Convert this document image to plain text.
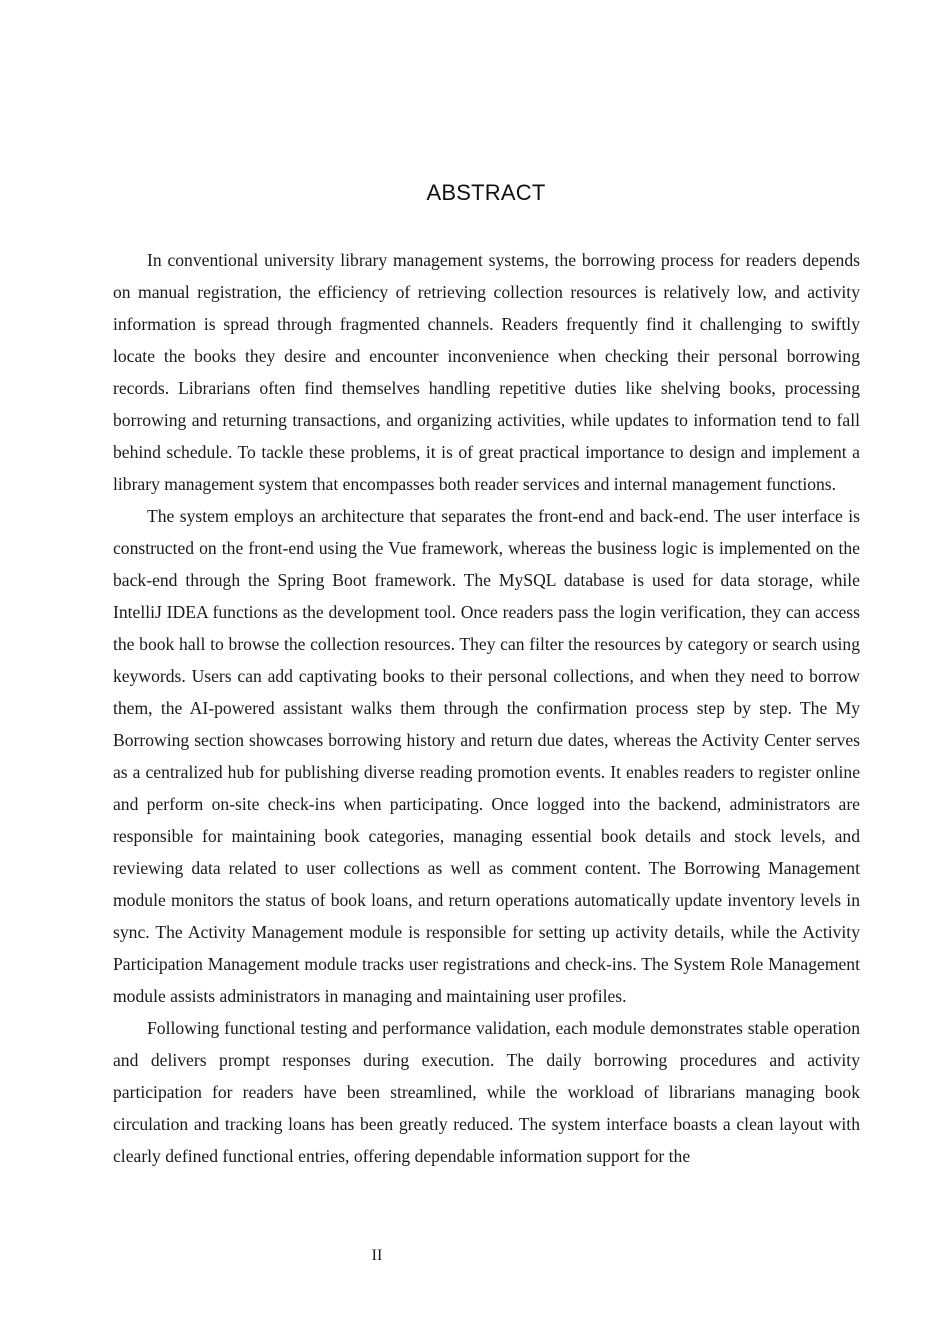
ABSTRACT

In conventional university library management systems, the borrowing process for readers depends on manual registration, the efficiency of retrieving collection resources is relatively low, and activity information is spread through fragmented channels. Readers frequently find it challenging to swiftly locate the books they desire and encounter inconvenience when checking their personal borrowing records. Librarians often find themselves handling repetitive duties like shelving books, processing borrowing and returning transactions, and organizing activities, while updates to information tend to fall behind schedule. To tackle these problems, it is of great practical importance to design and implement a library management system that encompasses both reader services and internal management functions.

The system employs an architecture that separates the front-end and back-end. The user interface is constructed on the front-end using the Vue framework, whereas the business logic is implemented on the back-end through the Spring Boot framework. The MySQL database is used for data storage, while IntelliJ IDEA functions as the development tool. Once readers pass the login verification, they can access the book hall to browse the collection resources. They can filter the resources by category or search using keywords. Users can add captivating books to their personal collections, and when they need to borrow them, the AI-powered assistant walks them through the confirmation process step by step. The My Borrowing section showcases borrowing history and return due dates, whereas the Activity Center serves as a centralized hub for publishing diverse reading promotion events. It enables readers to register online and perform on-site check-ins when participating. Once logged into the backend, administrators are responsible for maintaining book categories, managing essential book details and stock levels, and reviewing data related to user collections as well as comment content. The Borrowing Management module monitors the status of book loans, and return operations automatically update inventory levels in sync. The Activity Management module is responsible for setting up activity details, while the Activity Participation Management module tracks user registrations and check-ins. The System Role Management module assists administrators in managing and maintaining user profiles.

Following functional testing and performance validation, each module demonstrates stable operation and delivers prompt responses during execution. The daily borrowing procedures and activity participation for readers have been streamlined, while the workload of librarians managing book circulation and tracking loans has been greatly reduced. The system interface boasts a clean layout with clearly defined functional entries, offering dependable information support for the

II
